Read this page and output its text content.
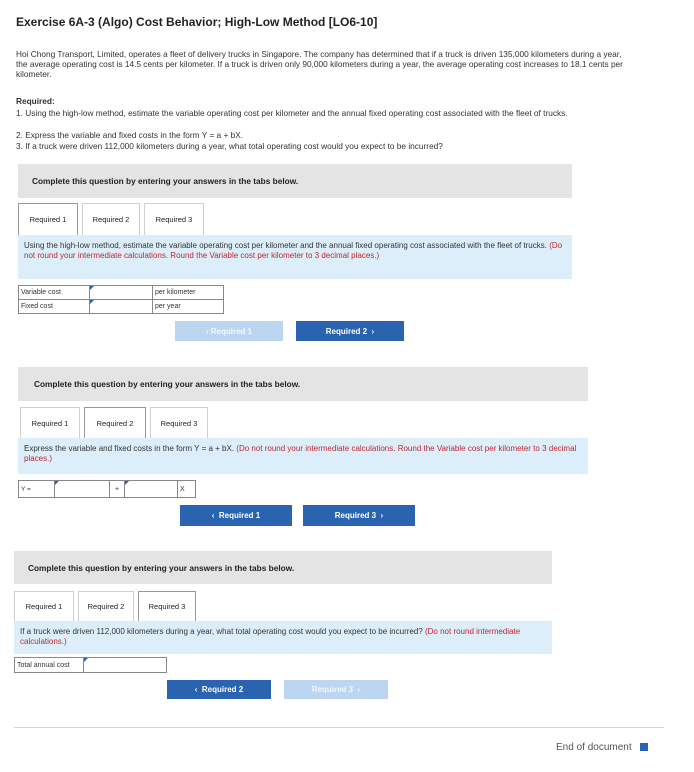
Exercise 6A-3 (Algo) Cost Behavior; High-Low Method [LO6-10]
Hoi Chong Transport, Limited, operates a fleet of delivery trucks in Singapore. The company has determined that if a truck is driven 135,000 kilometers during a year, the average operating cost is 14.5 cents per kilometer. If a truck is driven only 90,000 kilometers during a year, the average operating cost increases to 18.1 cents per kilometer.
Required:
1. Using the high-low method, estimate the variable operating cost per kilometer and the annual fixed operating cost associated with the fleet of trucks.
2. Express the variable and fixed costs in the form Y = a + bX.
3. If a truck were driven 112,000 kilometers during a year, what total operating cost would you expect to be incurred?
Complete this question by entering your answers in the tabs below.
Required 1	Required 2	Required 3
Using the high-low method, estimate the variable operating cost per kilometer and the annual fixed operating cost associated with the fleet of trucks. (Do not round your intermediate calculations. Round the Variable cost per kilometer to 3 decimal places.)
Variable cost	per kilometer
Fixed cost	per year
‹ Required 1	Required 2 ›
Complete this question by entering your answers in the tabs below.
Required 1	Required 2	Required 3
Express the variable and fixed costs in the form Y = a + bX. (Do not round your intermediate calculations. Round the Variable cost per kilometer to 3 decimal places.)
Y =	+	X
‹ Required 1	Required 3 ›
Complete this question by entering your answers in the tabs below.
Required 1	Required 2	Required 3
If a truck were driven 112,000 kilometers during a year, what total operating cost would you expect to be incurred? (Do not round intermediate calculations.)
Total annual cost
‹ Required 2	Required 3 ›
End of document
